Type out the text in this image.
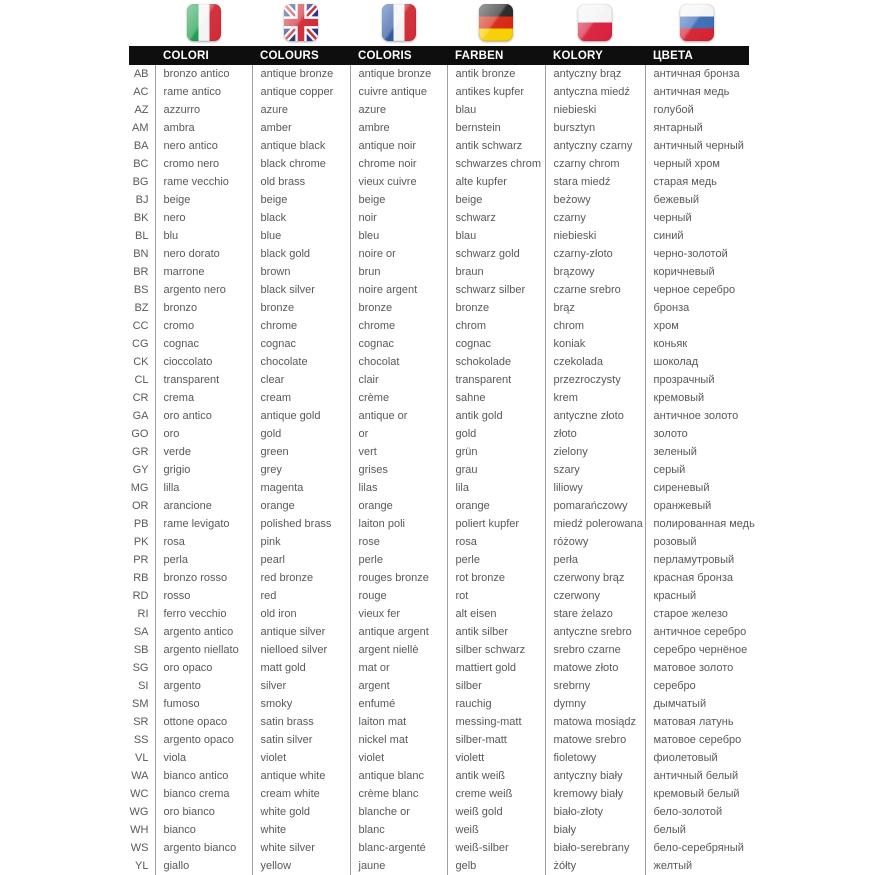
	COLORI	COLOURS	COLORIS	FARBEN	KOLORY	ЦВЕТА
AB	bronzo antico	antique bronze	antique bronze	antik bronze	antyczny brąz	античная бронза
AC	rame antico	antique copper	cuivre antique	antikes kupfer	antyczna miedź	античная медь
AZ	azzurro	azure	azure	blau	niebieski	голубой
AM	ambra	amber	ambre	bernstein	bursztyn	янтарный
BA	nero antico	antique black	antique noir	antik schwarz	antyczny czarny	античный черный
BC	cromo nero	black chrome	chrome noir	schwarzes chrom	czarny chrom	черный хром
BG	rame vecchio	old brass	vieux cuivre	alte kupfer	stara miedź	старая медь
BJ	beige	beige	beige	beige	beżowy	бежевый
BK	nero	black	noir	schwarz	czarny	черный
BL	blu	blue	bleu	blau	niebieski	синий
BN	nero dorato	black gold	noire or	schwarz gold	czarny-złoto	черно-золотой
BR	marrone	brown	brun	braun	brązowy	коричневый
BS	argento nero	black silver	noire argent	schwarz silber	czarne srebro	черное серебро
BZ	bronzo	bronze	bronze	bronze	brąz	бронза
CC	cromo	chrome	chrome	chrom	chrom	хром
CG	cognac	cognac	cognac	cognac	koniak	коньяк
CK	cioccolato	chocolate	chocolat	schokolade	czekolada	шоколад
CL	transparent	clear	clair	transparent	przezroczysty	прозрачный
CR	crema	cream	crème	sahne	krem	кремовый
GA	oro antico	antique gold	antique or	antik gold	antyczne złoto	античное золото
GO	oro	gold	or	gold	złoto	золото
GR	verde	green	vert	grün	zielony	зеленый
GY	grigio	grey	grises	grau	szary	серый
MG	lilla	magenta	lilas	lila	liliowy	сиреневый
OR	arancione	orange	orange	orange	pomarańczowy	оранжевый
PB	rame levigato	polished brass	laiton poli	poliert kupfer	miedź polerowana	полированная медь
PK	rosa	pink	rose	rosa	różowy	розовый
PR	perla	pearl	perle	perle	perła	перламутровый
RB	bronzo rosso	red bronze	rouges bronze	rot bronze	czerwony brąz	красная бронза
RD	rosso	red	rouge	rot	czerwony	красный
RI	ferro vecchio	old iron	vieux fer	alt eisen	stare żelazo	старое железо
SA	argento antico	antique silver	antique argent	antik silber	antyczne srebro	античное серебро
SB	argento niellato	nielloed silver	argent niellè	silber schwarz	srebro czarne	серебро чернёное
SG	oro opaco	matt gold	mat or	mattiert gold	matowe złoto	матовое золото
SI	argento	silver	argent	silber	srebrny	серебро
SM	fumoso	smoky	enfumé	rauchig	dymny	дымчатый
SR	ottone opaco	satin brass	laiton mat	messing-matt	matowa mosiądz	матовая латунь
SS	argento opaco	satin silver	nickel mat	silber-matt	matowe srebro	матовое серебро
VL	viola	violet	violet	violett	fioletowy	фиолетовый
WA	bianco antico	antique white	antique blanc	antik weiß	antyczny biały	античный белый
WC	bianco crema	cream white	crème blanc	creme weiß	kremowy biały	кремовый белый
WG	oro bianco	white gold	blanche or	weiß gold	biało-złoty	бело-золотой
WH	bianco	white	blanc	weiß	biały	белый
WS	argento bianco	white silver	blanc-argenté	weiß-silber	biało-serebrany	бело-серебряный
YL	giallo	yellow	jaune	gelb	żółty	желтый
